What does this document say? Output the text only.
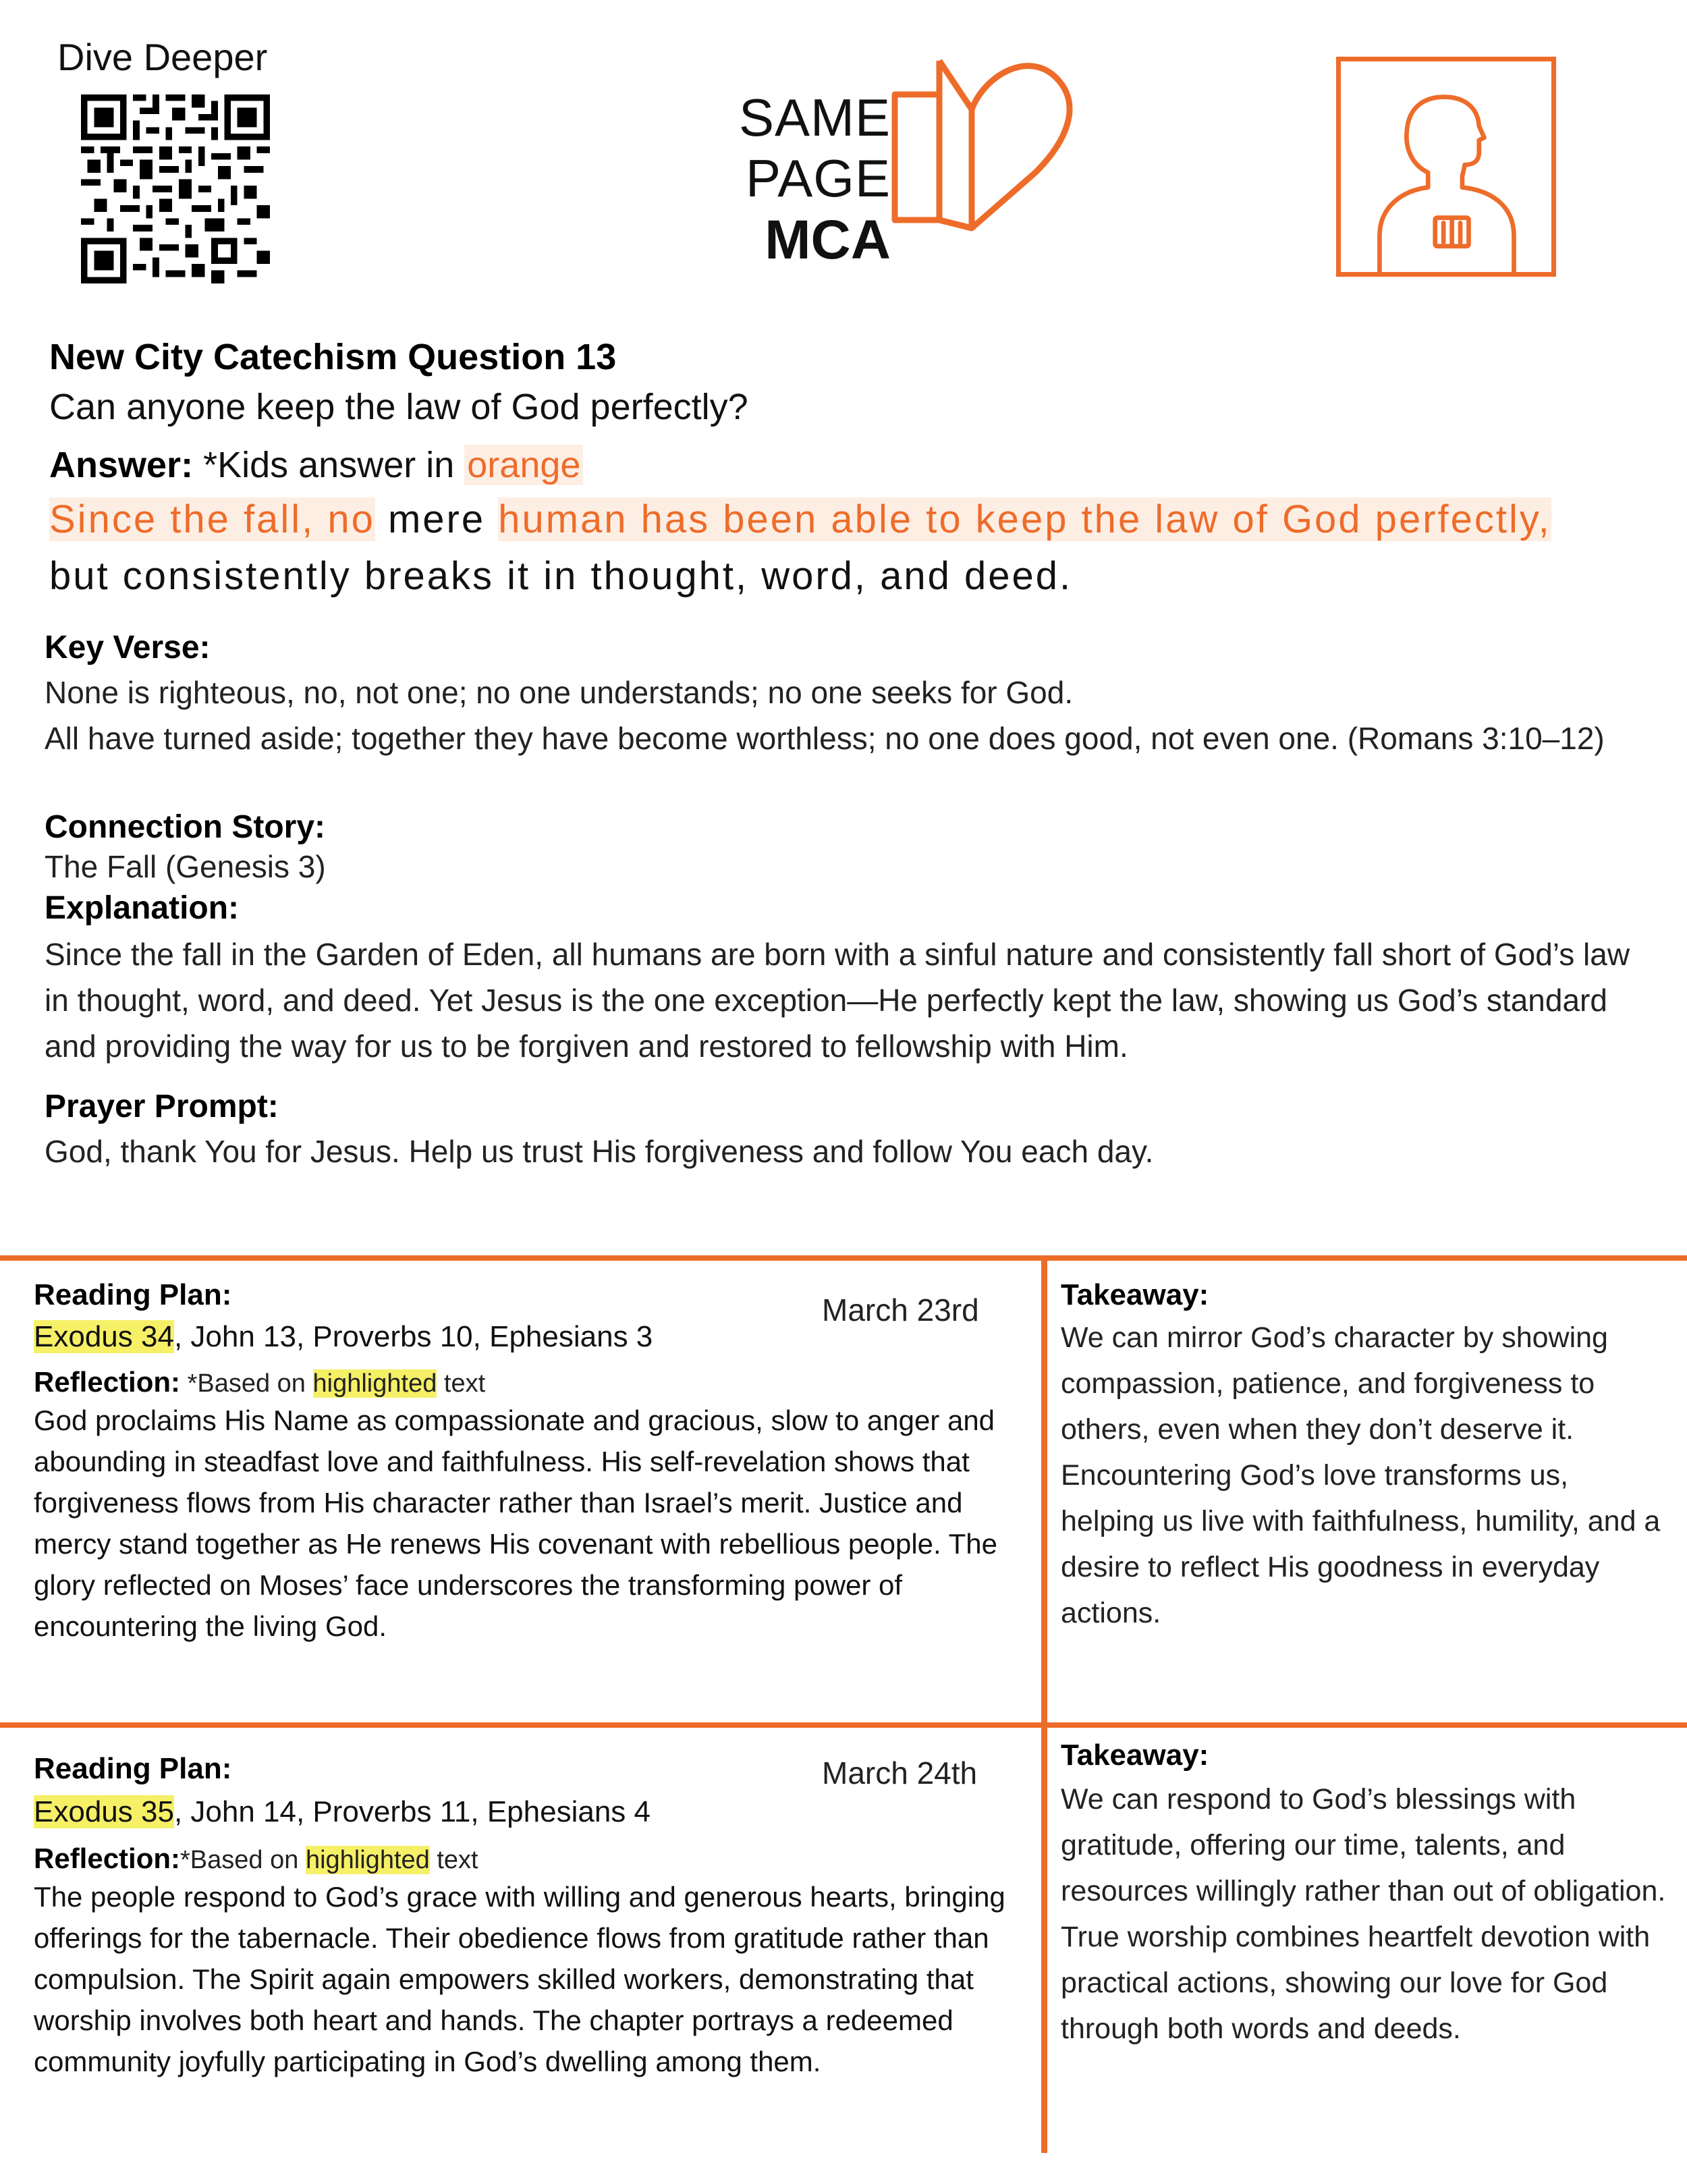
Dive Deeper
SAME PAGE
MCA
New City Catechism Question 13
Can anyone keep the law of God perfectly?
Answer: *Kids answer in orange
Since the fall, no mere human has been able to keep the law of God perfectly, but consistently breaks it in thought, word, and deed.
Key Verse:
None is righteous, no, not one; no one understands; no one seeks for God.
All have turned aside; together they have become worthless; no one does good, not even one. (Romans 3:10–12)
Connection Story:
The Fall (Genesis 3)
Explanation:
Since the fall in the Garden of Eden, all humans are born with a sinful nature and consistently fall short of God’s law in thought, word, and deed. Yet Jesus is the one exception—He perfectly kept the law, showing us God’s standard and providing the way for us to be forgiven and restored to fellowship with Him.
Prayer Prompt:
God, thank You for Jesus. Help us trust His forgiveness and follow You each day.
Reading Plan:	March 23rd
Exodus 34, John 13, Proverbs 10, Ephesians 3
Reflection: *Based on highlighted text
God proclaims His Name as compassionate and gracious, slow to anger and abounding in steadfast love and faithfulness. His self-revelation shows that forgiveness flows from His character rather than Israel’s merit. Justice and mercy stand together as He renews His covenant with rebellious people. The glory reflected on Moses’ face underscores the transforming power of encountering the living God.
Takeaway:
We can mirror God’s character by showing compassion, patience, and forgiveness to others, even when they don’t deserve it. Encountering God’s love transforms us, helping us live with faithfulness, humility, and a desire to reflect His goodness in everyday actions.
Reading Plan:	March 24th
Exodus 35, John 14, Proverbs 11, Ephesians 4
Reflection:*Based on highlighted text
The people respond to God’s grace with willing and generous hearts, bringing offerings for the tabernacle. Their obedience flows from gratitude rather than compulsion. The Spirit again empowers skilled workers, demonstrating that worship involves both heart and hands. The chapter portrays a redeemed community joyfully participating in God’s dwelling among them.
Takeaway:
We can respond to God’s blessings with gratitude, offering our time, talents, and resources willingly rather than out of obligation. True worship combines heartfelt devotion with practical actions, showing our love for God through both words and deeds.
